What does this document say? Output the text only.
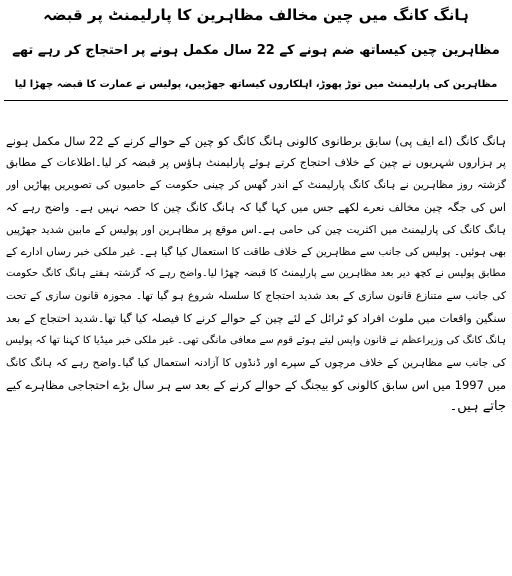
ہانگ کانگ میں چین مخالف مظاہرین کا پارلیمنٹ پر قبضہ
مظاہرین چین کیساتھ ضم ہونے کے 22 سال مکمل ہونے پر احتجاج کر رہے تھے
مظاہرین کی پارلیمنٹ میں توڑ پھوڑ، اہلکاروں کیساتھ جھڑپیں، پولیس نے عمارت کا قبضہ چھڑا لیا
ہانگ کانگ (اے ایف پی) سابق برطانوی کالونی ہانگ کانگ کو چین کے حوالے کرنے کے 22 سال مکمل ہونے
پر ہزاروں شہریوں نے چین کے خلاف احتجاج کرتے ہوئے پارلیمنٹ ہاؤس پر قبضہ کر لیا۔اطلاعات کے مطابق
گزشتہ روز مظاہرین نے ہانگ کانگ پارلیمنٹ کے اندر گھس کر چینی حکومت کے حامیوں کی تصویریں پھاڑیں اور
اس کی جگہ چین مخالف نعرے لکھے جس میں کہا گیا کہ ہانگ کانگ چین کا حصہ نہیں ہے۔ واضح رہے کہ
ہانگ کانگ کی پارلیمنٹ میں اکثریت چین کی حامی ہے۔اس موقع پر مظاہرین اور پولیس کے مابین شدید جھڑپیں
بھی ہوئیں۔ پولیس کی جانب سے مظاہرین کے خلاف طاقت کا استعمال کیا گیا ہے۔ غیر ملکی خبر رساں ادارے کے
مطابق پولیس نے کچھ دیر بعد مظاہرین سے پارلیمنٹ کا قبضہ چھڑا لیا۔واضح رہے کہ گزشتہ ہفتے ہانگ کانگ حکومت
کی جانب سے متنازع قانون سازی کے بعد شدید احتجاج کا سلسلہ شروع ہو گیا تھا۔ مجوزہ قانون سازی کے تحت
سنگین واقعات میں ملوث افراد کو ٹرائل کے لئے چین کے حوالے کرنے کا فیصلہ کیا گیا تھا۔شدید احتجاج کے بعد
ہانگ کانگ کی وزیراعظم نے قانون واپس لیتے ہوئے قوم سے معافی مانگی تھی۔ غیر ملکی خبر میڈیا کا کہنا تھا کہ پولیس
کی جانب سے مظاہرین کے خلاف مرچوں کے سپرے اور ڈنڈوں کا آزادنہ استعمال کیا گیا۔واضح رہے کہ ہانگ کانگ
میں 1997 میں اس سابق کالونی کو بیجنگ کے حوالے کرنے کے بعد سے ہر سال بڑے احتجاجی مظاہرے کیے
جاتے ہیں۔
